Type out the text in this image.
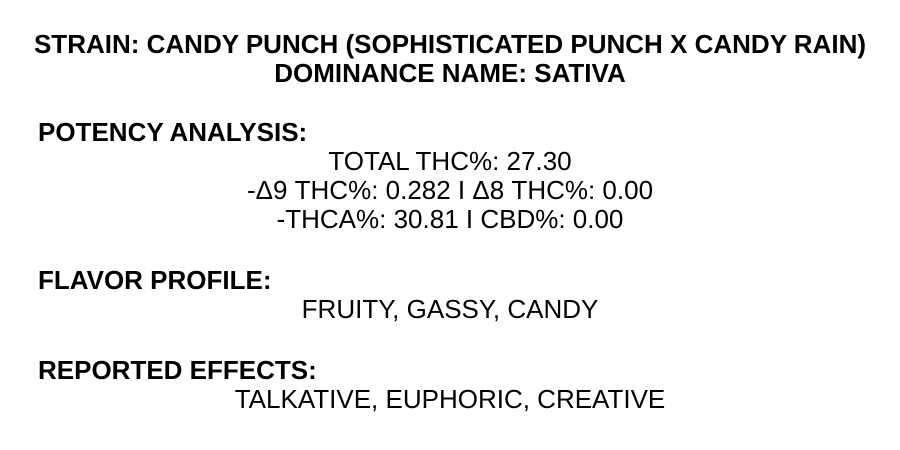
STRAIN: CANDY PUNCH (SOPHISTICATED PUNCH X CANDY RAIN)
DOMINANCE NAME: SATIVA
POTENCY ANALYSIS:
TOTAL THC%: 27.30
-Δ9 THC%: 0.282 I Δ8 THC%: 0.00
-THCA%: 30.81 I CBD%: 0.00
FLAVOR PROFILE:
FRUITY, GASSY, CANDY
REPORTED EFFECTS:
TALKATIVE, EUPHORIC, CREATIVE
